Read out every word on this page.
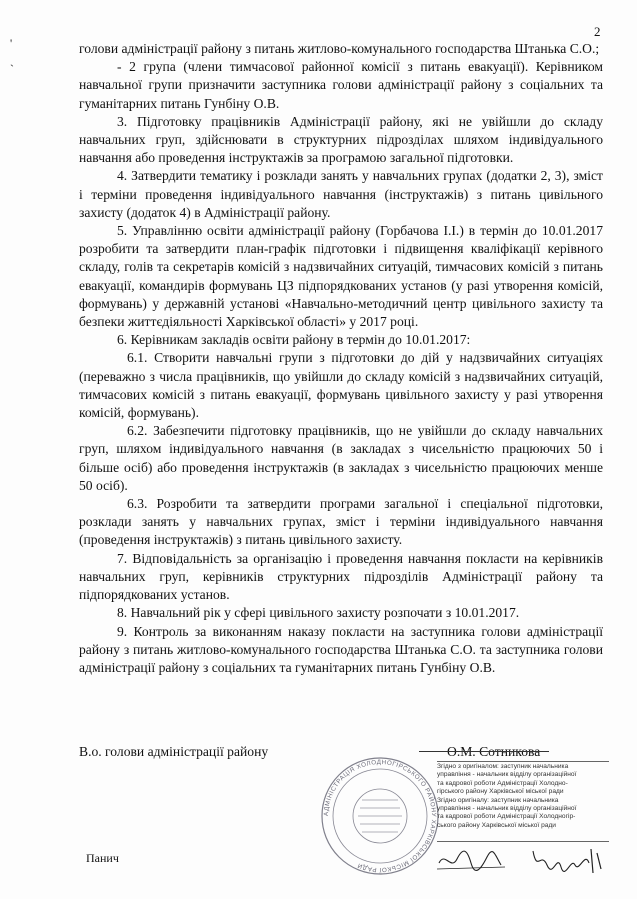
2
'
`

голови адміністрації району з питань житлово-комунального господарства Штанька С.О.;

- 2 група (члени тимчасової районної комісії з питань евакуації). Керівником навчальної групи призначити заступника голови адміністрації району з соціальних та гуманітарних питань Гунбіну О.В.

3. Підготовку працівників Адміністрації району, які не увійшли до складу навчальних груп, здійснювати в структурних підрозділах шляхом індивідуального навчання або проведення інструктажів за програмою загальної підготовки.

4. Затвердити тематику і розклади занять у навчальних групах (додатки 2, 3), зміст і терміни проведення індивідуального навчання (інструктажів) з питань цивільного захисту (додаток 4) в Адміністрації району.

5. Управлінню освіти адміністрації району (Горбачова І.І.) в термін до 10.01.2017 розробити та затвердити план-графік підготовки і підвищення кваліфікації керівного складу, голів та секретарів комісій з надзвичайних ситуацій, тимчасових комісій з питань евакуації, командирів формувань ЦЗ підпорядкованих установ (у разі утворення комісій, формувань) у державній установі «Навчально-методичний центр цивільного захисту та безпеки життєдіяльності Харківської області» у 2017 році.

6. Керівникам закладів освіти району в термін до 10.01.2017:

6.1. Створити навчальні групи з підготовки до дій у надзвичайних ситуаціях (переважно з числа працівників, що увійшли до складу комісій з надзвичайних ситуацій, тимчасових комісій з питань евакуації, формувань цивільного захисту у разі утворення комісій, формувань).

6.2. Забезпечити підготовку працівників, що не увійшли до складу навчальних груп, шляхом індивідуального навчання (в закладах з чисельністю працюючих 50 і більше осіб) або проведення інструктажів (в закладах з чисельністю працюючих менше 50 осіб).

6.3. Розробити та затвердити програми загальної і спеціальної підготовки, розклади занять у навчальних групах, зміст і терміни індивідуального навчання (проведення інструктажів) з питань цивільного захисту.

7. Відповідальність за організацію і проведення навчання покласти на керівників навчальних груп, керівників структурних підрозділів Адміністрації району та підпорядкованих установ.

8. Навчальний рік у сфері цивільного захисту розпочати з 10.01.2017.

9. Контроль за виконанням наказу покласти на заступника голови адміністрації району з питань житлово-комунального господарства Штанька С.О. та заступника голови адміністрації району з соціальних та гуманітарних питань Гунбіну О.В.

В.о. голови адміністрації району	О.М. Сотникова
АДМІНІСТРАЦІЯ ХОЛОДНОГІРСЬКОГО РАЙОНУ ХАРКІВСЬКОЇ МІСЬКОЇ РАДИ
Згідно з оригіналом: заступник начальника
управління - начальник відділу організаційної
та кадрової роботи Адміністрації Холодно-
гірського району Харківської міської ради
Згідно оригіналу: заступник начальника
управління - начальник відділу організаційної
та кадрової роботи Адміністрації Холодногір-
ського району Харківської міської ради
Панич
